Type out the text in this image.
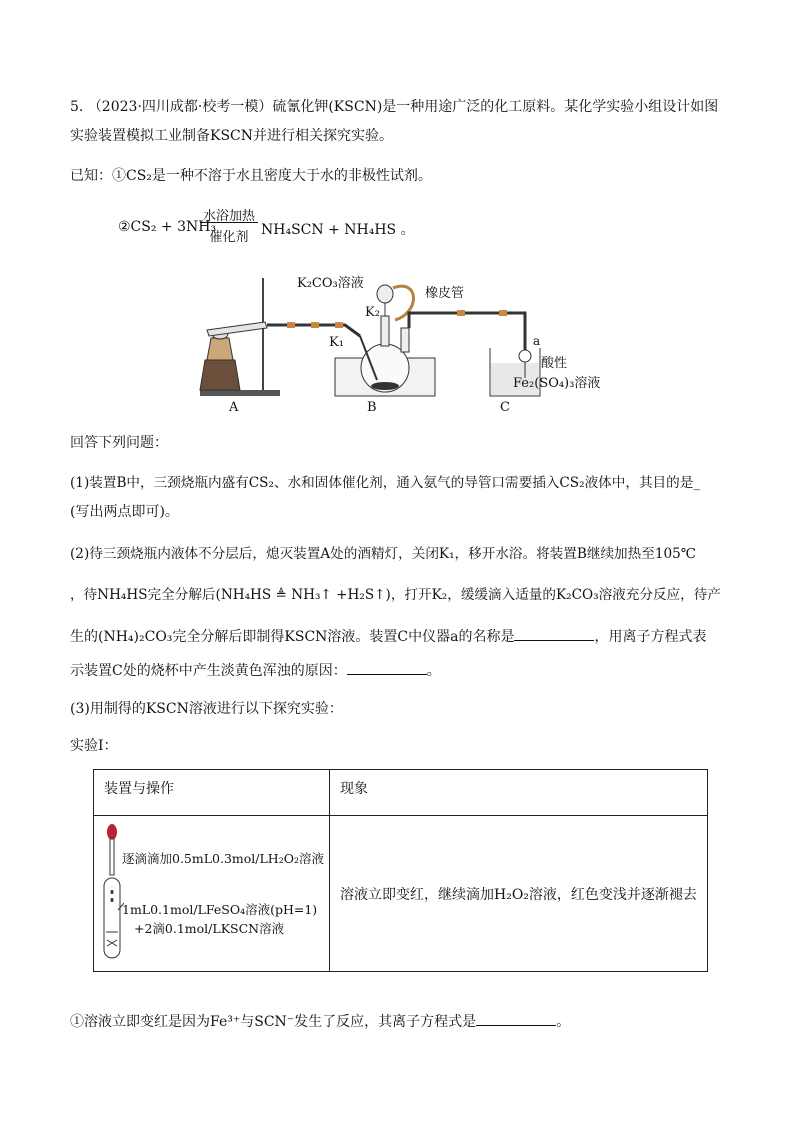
5. （2023·四川成都·校考一模）硫氰化钾(KSCN)是一种用途广泛的化工原料。某化学实验小组设计如图
实验装置模拟工业制备KSCN并进行相关探究实验。
已知：①CS₂是一种不溶于水且密度大于水的非极性试剂。
②CS₂ + 3NH₃
水浴加热
催化剂 NH₄SCN + NH₄HS 。
K₂CO₃溶液
橡皮管
K₂
K₁	a
酸性
Fe₂(SO₄)₃溶液
A	B	C
回答下列问题：
(1)装置B中，三颈烧瓶内盛有CS₂、水和固体催化剂，通入氨气的导管口需要插入CS₂液体中，其目的是_
(写出两点即可)。
(2)待三颈烧瓶内液体不分层后，熄灭装置A处的酒精灯，关闭K₁，移开水浴。将装置B继续加热至105℃
，待NH₄HS完全分解后(NH₄HS ≜ NH₃↑ +H₂S↑)，打开K₂，缓缓滴入适量的K₂CO₃溶液充分反应，待产
生的(NH₄)₂CO₃完全分解后即制得KSCN溶液。装置C中仪器a的名称是	，用离子方程式表
示装置C处的烧杯中产生淡黄色浑浊的原因：	。
(3)用制得的KSCN溶液进行以下探究实验：
实验Ⅰ：
装置与操作	现象

逐滴滴加0.5mL0.3mol/LH₂O₂溶液
1mL0.1mol/LFeSO₄溶液(pH=1)
+2滴0.1mol/LKSCN溶液	溶液立即变红，继续滴加H₂O₂溶液，红色变浅并逐渐褪去
①溶液立即变红是因为Fe³⁺与SCN⁻发生了反应，其离子方程式是	。
